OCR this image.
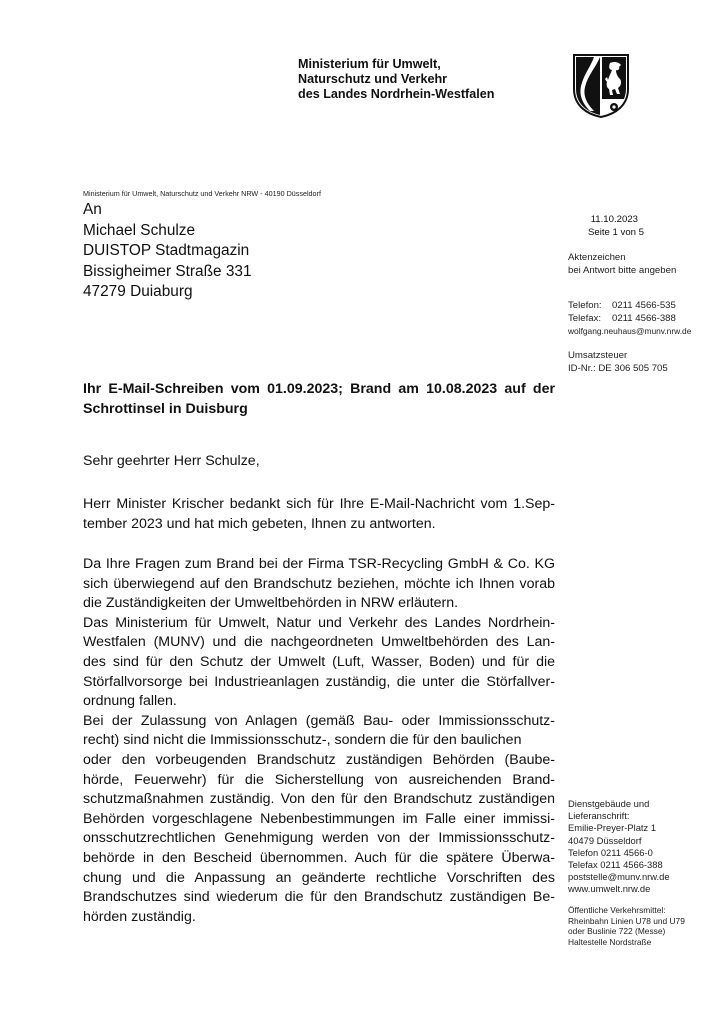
Ministerium für Umwelt,
Naturschutz und Verkehr
des Landes Nordrhein-Westfalen
Ministerium für Umwelt, Naturschutz und Verkehr NRW - 40190 Düsseldorf
An
Michael Schulze
DUISTOP Stadtmagazin
Bissigheimer Straße 331
47279 Duiaburg
11.10.2023
Seite 1 von 5
Aktenzeichen
bei Antwort bitte angeben
Telefon: 0211 4566-535
Telefax: 0211 4566-388
wolfgang.neuhaus@munv.nrw.de
Umsatzsteuer
ID-Nr.: DE 306 505 705
Dienstgebäude und
Lieferanschrift:
Emilie-Preyer-Platz 1
40479 Düsseldorf
Telefon 0211 4566-0
Telefax 0211 4566-388
poststelle@munv.nrw.de
www.umwelt.nrw.de
Öffentliche Verkehrsmittel:
Rheinbahn Linien U78 und U79
oder Buslinie 722 (Messe)
Haltestelle Nordstraße
Ihr E-Mail-Schreiben vom 01.09.2023; Brand am 10.08.2023 auf der
Schrottinsel in Duisburg
Sehr geehrter Herr Schulze,
Herr Minister Krischer bedankt sich für Ihre E-Mail-Nachricht vom 1.Sep-
tember 2023 und hat mich gebeten, Ihnen zu antworten.
Da Ihre Fragen zum Brand bei der Firma TSR-Recycling GmbH & Co. KG
sich überwiegend auf den Brandschutz beziehen, möchte ich Ihnen vorab
die Zuständigkeiten der Umweltbehörden in NRW erläutern.
Das Ministerium für Umwelt, Natur und Verkehr des Landes Nordrhein-
Westfalen (MUNV) und die nachgeordneten Umweltbehörden des Lan-
des sind für den Schutz der Umwelt (Luft, Wasser, Boden) und für die
Störfallvorsorge bei Industrieanlagen zuständig, die unter die Störfallver-
ordnung fallen.
Bei der Zulassung von Anlagen (gemäß Bau- oder Immissionsschutz-
recht) sind nicht die Immissionsschutz-, sondern die für den baulichen
oder den vorbeugenden Brandschutz zuständigen Behörden (Baube-
hörde, Feuerwehr) für die Sicherstellung von ausreichenden Brand-
schutzmaßnahmen zuständig. Von den für den Brandschutz zuständigen
Behörden vorgeschlagene Nebenbestimmungen im Falle einer immissi-
onsschutzrechtlichen Genehmigung werden von der Immissionsschutz-
behörde in den Bescheid übernommen. Auch für die spätere Überwa-
chung und die Anpassung an geänderte rechtliche Vorschriften des
Brandschutzes sind wiederum die für den Brandschutz zuständigen Be-
hörden zuständig.
